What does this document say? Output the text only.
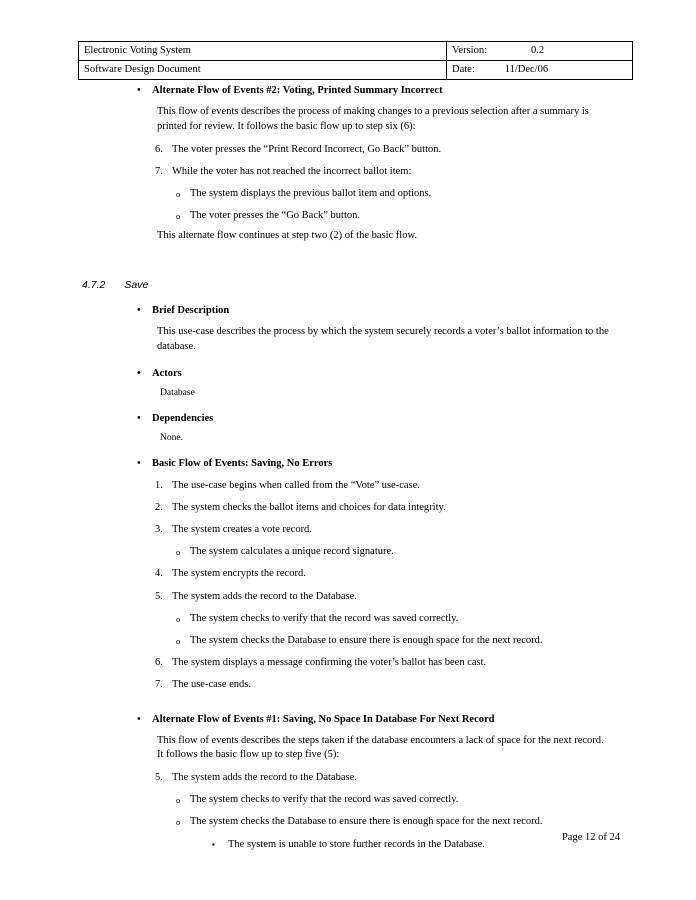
Electronic Voting System	Version: 0.2
Software Design Document	Date: 11/Dec/06
• Alternate Flow of Events #2: Voting, Printed Summary Incorrect

This flow of events describes the process of making changes to a previous selection after a summary is printed for review. It follows the basic flow up to step six (6):

6. The voter presses the “Print Record Incorrect, Go Back” button.
7. While the voter has not reached the incorrect ballot item:
o The system displays the previous ballot item and options.
o The voter presses the “Go Back” button.

This alternate flow continues at step two (2) of the basic flow.

4.7.2 Save
• Brief Description

This use-case describes the process by which the system securely records a voter’s ballot information to the database.

• Actors

Database

• Dependencies

None.

• Basic Flow of Events: Saving, No Errors
1. The use-case begins when called from the “Vote” use-case.
2. The system checks the ballot items and choices for data integrity.
3. The system creates a vote record.
o The system calculates a unique record signature.
4. The system encrypts the record.
5. The system adds the record to the Database.
o The system checks to verify that the record was saved correctly.
o The system checks the Database to ensure there is enough space for the next record.
6. The system displays a message confirming the voter’s ballot has been cast.
7. The use-case ends.
• Alternate Flow of Events #1: Saving, No Space In Database For Next Record

This flow of events describes the steps taken if the database encounters a lack of space for the next record. It follows the basic flow up to step five (5):

5. The system adds the record to the Database.
o The system checks to verify that the record was saved correctly.
o The system checks the Database to ensure there is enough space for the next record.
▪ The system is unable to store further records in the Database.
Page 12 of 24
